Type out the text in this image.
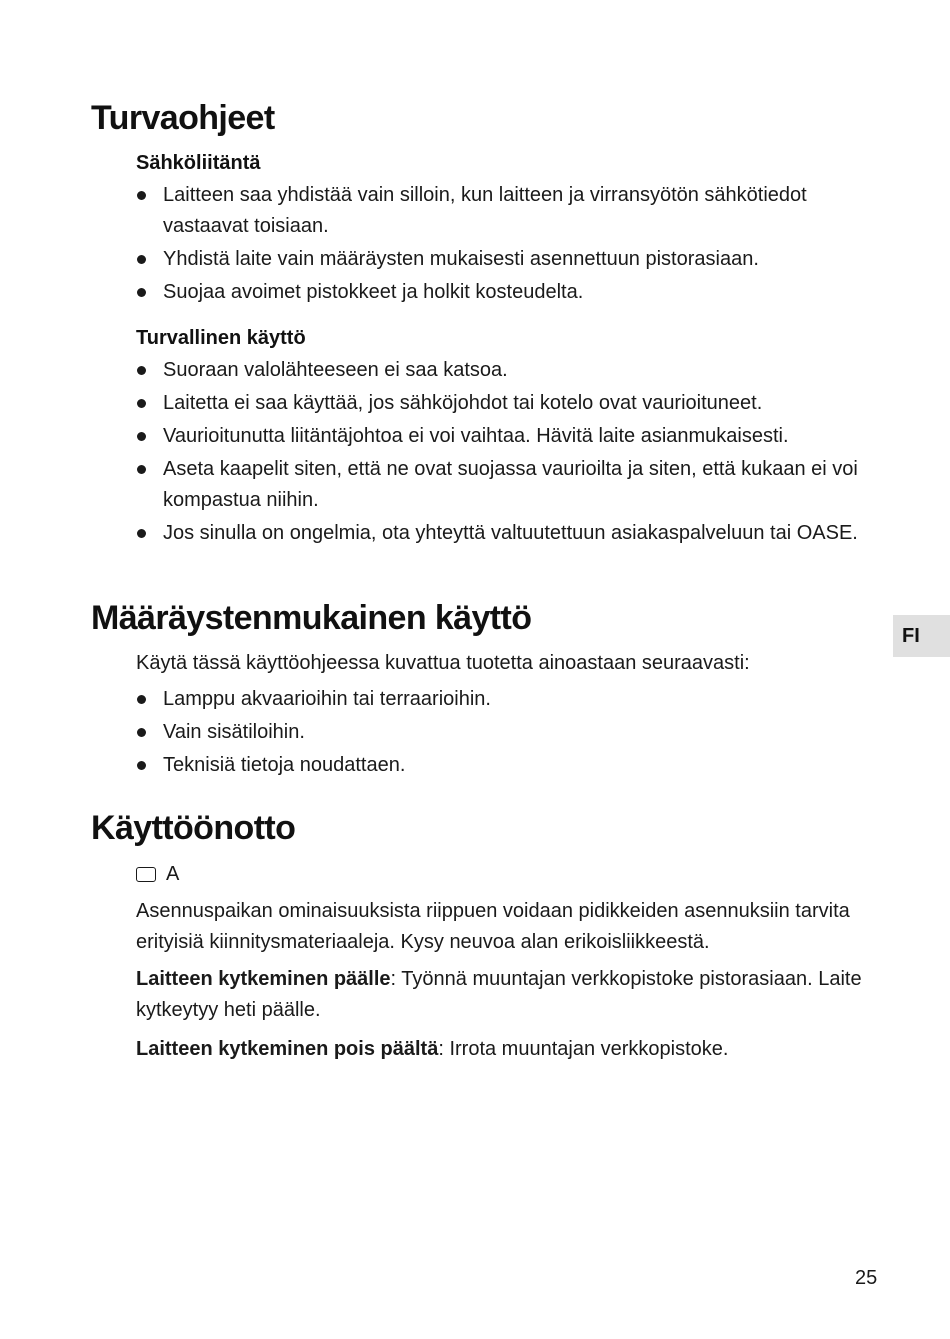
Turvaohjeet
Sähköliitäntä
Laitteen saa yhdistää vain silloin, kun laitteen ja virransyötön sähkötiedot vastaavat toisiaan.
Yhdistä laite vain määräysten mukaisesti asennettuun pistorasiaan.
Suojaa avoimet pistokkeet ja holkit kosteudelta.
Turvallinen käyttö
Suoraan valolähteeseen ei saa katsoa.
Laitetta ei saa käyttää, jos sähköjohdot tai kotelo ovat vaurioituneet.
Vaurioitunutta liitäntäjohtoa ei voi vaihtaa. Hävitä laite asianmukaisesti.
Aseta kaapelit siten, että ne ovat suojassa vaurioilta ja siten, että kukaan ei voi kompastua niihin.
Jos sinulla on ongelmia, ota yhteyttä valtuutettuun asiakaspalveluun tai OASE.
Määräystenmukainen käyttö

Käytä tässä käyttöohjeessa kuvattua tuotetta ainoastaan seuraavasti:

Lamppu akvaarioihin tai terraarioihin.
Vain sisätiloihin.
Teknisiä tietoja noudattaen.
Käyttöönotto
A

Asennuspaikan ominaisuuksista riippuen voidaan pidikkeiden asennuksiin tarvita erityisiä kiinnitysmateriaaleja. Kysy neuvoa alan erikoisliikkeestä.

Laitteen kytkeminen päälle: Työnnä muuntajan verkkopistoke pistorasiaan. Laite kytkeytyy heti päälle.

Laitteen kytkeminen pois päältä: Irrota muuntajan verkkopistoke.

FI
25
